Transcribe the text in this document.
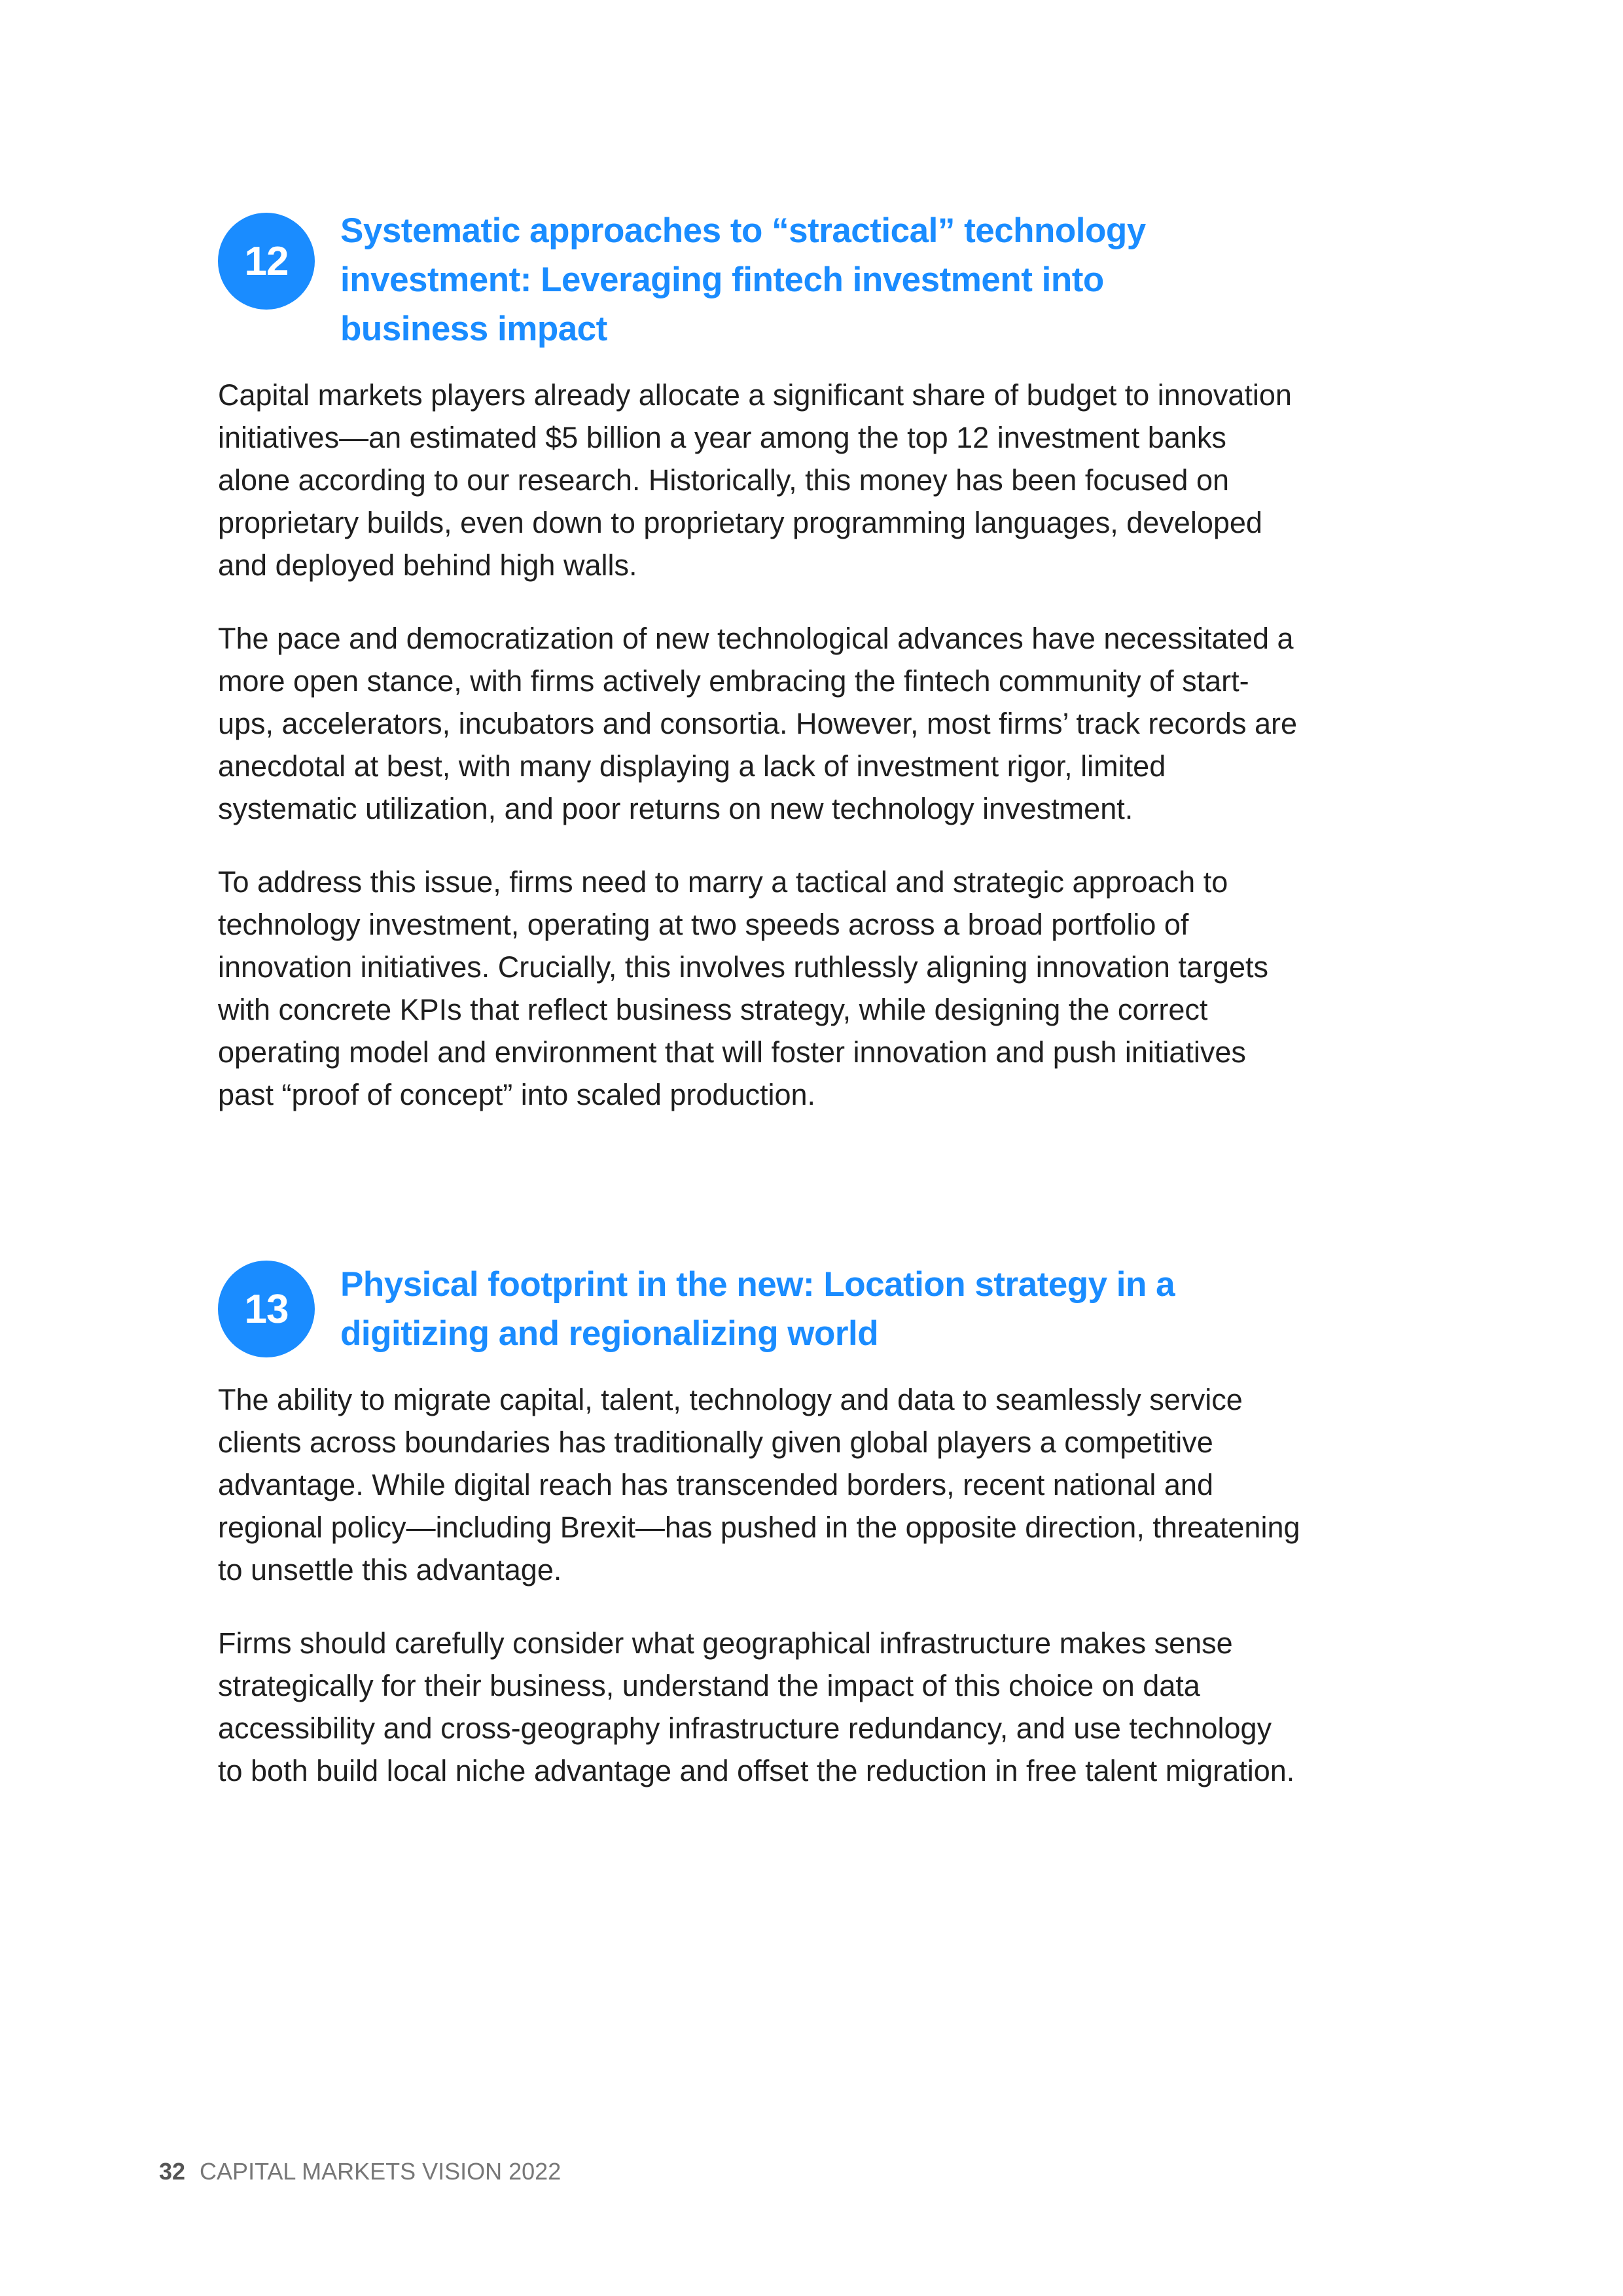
12
Systematic approaches to “stractical” technology investment: Leveraging fintech investment into business impact

Capital markets players already allocate a significant share of budget to innovation initiatives—an estimated $5 billion a year among the top 12 investment banks alone according to our research. Historically, this money has been focused on proprietary builds, even down to proprietary programming languages, developed and deployed behind high walls.

The pace and democratization of new technological advances have necessitated a more open stance, with firms actively embracing the fintech community of start-ups, accelerators, incubators and consortia. However, most firms’ track records are anecdotal at best, with many displaying a lack of investment rigor, limited systematic utilization, and poor returns on new technology investment.

To address this issue, firms need to marry a tactical and strategic approach to technology investment, operating at two speeds across a broad portfolio of innovation initiatives. Crucially, this involves ruthlessly aligning innovation targets with concrete KPIs that reflect business strategy, while designing the correct operating model and environment that will foster innovation and push initiatives past “proof of concept” into scaled production.

13
Physical footprint in the new: Location strategy in a digitizing and regionalizing world

The ability to migrate capital, talent, technology and data to seamlessly service clients across boundaries has traditionally given global players a competitive advantage. While digital reach has transcended borders, recent national and regional policy—including Brexit—has pushed in the opposite direction, threatening to unsettle this advantage.

Firms should carefully consider what geographical infrastructure makes sense strategically for their business, understand the impact of this choice on data accessibility and cross-geography infrastructure redundancy, and use technology to both build local niche advantage and offset the reduction in free talent migration.

32 CAPITAL MARKETS VISION 2022
